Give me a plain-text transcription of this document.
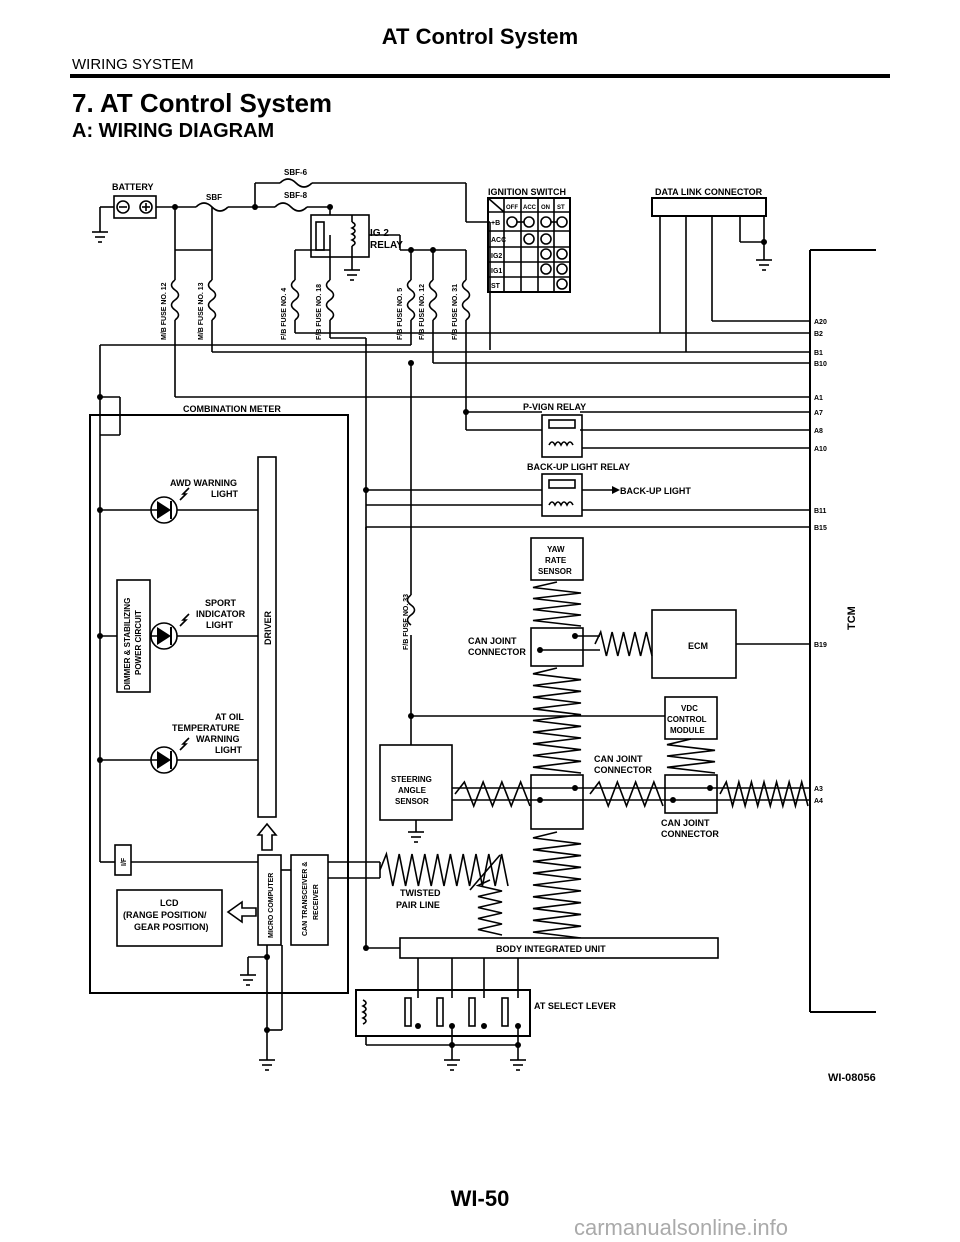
AT Control System
WIRING SYSTEM
7. AT Control System
A: WIRING DIAGRAM
BATTERY
SBF	SBF-8
SBF-6
IG 2
RELAY
IGNITION SWITCH
OFF ACC ON ST
+B
ACC
IG2
IG1
ST
DATA LINK CONNECTOR
M/B FUSE NO. 12	M/B FUSE NO. 13	F/B FUSE NO. 4	F/B FUSE NO. 18	F/B FUSE NO. 5 F/B FUSE NO. 12	F/B FUSE NO. 31
TCM
A20
B2
B1
B10
A1
A7
A8
A10
B11
B15
B19
A3
A4
P-VIGN RELAY
BACK-UP LIGHT RELAY
BACK-UP LIGHT
COMBINATION METER
DRIVER
AWD WARNING
LIGHT
SPORT
INDICATOR
LIGHT
AT OIL
TEMPERATURE
WARNING
LIGHT
DIMMER & STABILIZING POWER CIRCUIT
I/F
MICRO COMPUTER	CAN TRANSCEIVER & RECEIVER
LCD
(RANGE POSITION/
GEAR POSITION)
F/B FUSE NO. 33
YAW
RATE
SENSOR
CAN JOINT
CONNECTOR
ECM
VDC
CONTROL
MODULE
CAN JOINT
CONNECTOR
CAN JOINT
CONNECTOR
STEERING
ANGLE
SENSOR
TWISTED
PAIR LINE
BODY INTEGRATED UNIT
AT SELECT LEVER
WI-08056
WI-50
carmanualsonline.info
